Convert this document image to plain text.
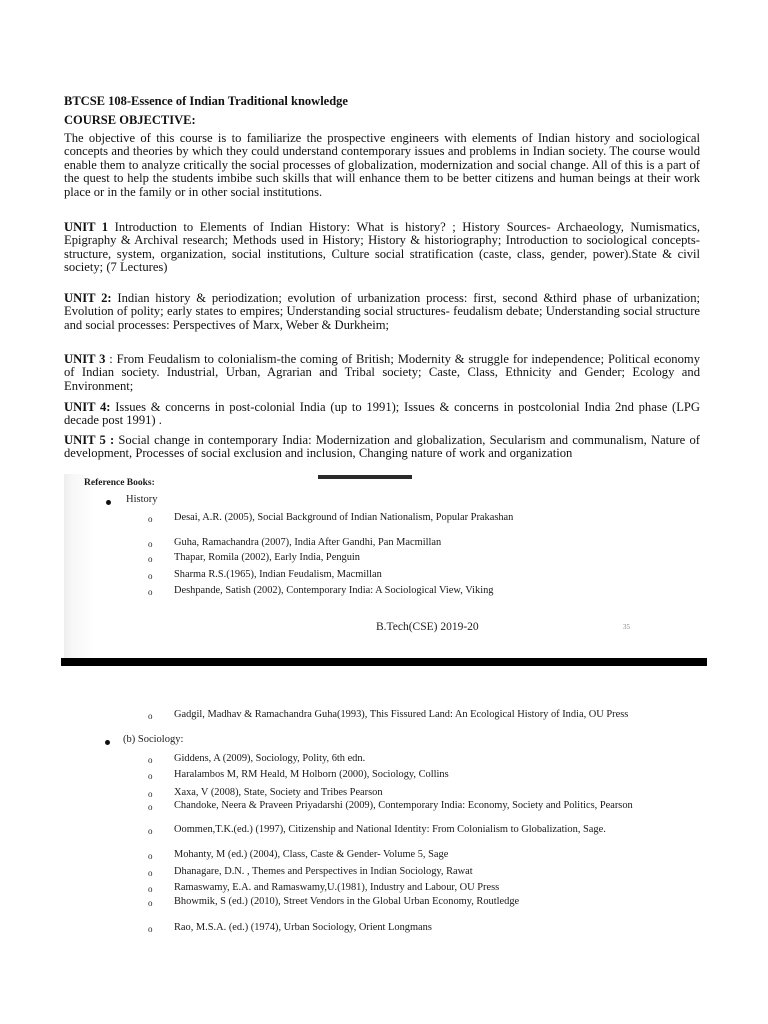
BTCSE 108-Essence of Indian Traditional knowledge
COURSE OBJECTIVE:
The objective of this course is to familiarize the prospective engineers with elements of Indian history and sociological concepts and theories by which they could understand contemporary issues and problems in Indian society. The course would enable them to analyze critically the social processes of globalization, modernization and social change. All of this is a part of the quest to help the students imbibe such skills that will enhance them to be better citizens and human beings at their work place or in the family or in other social institutions.
UNIT 1 Introduction to Elements of Indian History: What is history? ; History Sources- Archaeology, Numismatics, Epigraphy & Archival research; Methods used in History; History & historiography; Introduction to sociological concepts-structure, system, organization, social institutions, Culture social stratification (caste, class, gender, power).State & civil society; (7 Lectures)
UNIT 2: Indian history & periodization; evolution of urbanization process: first, second &third phase of urbanization; Evolution of polity; early states to empires; Understanding social structures- feudalism debate; Understanding social structure and social processes: Perspectives of Marx, Weber & Durkheim;
UNIT 3 : From Feudalism to colonialism-the coming of British; Modernity & struggle for independence; Political economy of Indian society. Industrial, Urban, Agrarian and Tribal society; Caste, Class, Ethnicity and Gender; Ecology and Environment;
UNIT 4: Issues & concerns in post-colonial India (up to 1991); Issues & concerns in postcolonial India 2nd phase (LPG decade post 1991) .
UNIT 5 : Social change in contemporary India: Modernization and globalization, Secularism and communalism, Nature of development, Processes of social exclusion and inclusion, Changing nature of work and organization
Reference Books:
History
o Desai, A.R. (2005), Social Background of Indian Nationalism, Popular Prakashan
o Guha, Ramachandra (2007), India After Gandhi, Pan Macmillan
o Thapar, Romila (2002), Early India, Penguin
o Sharma R.S.(1965), Indian Feudalism, Macmillan
o Deshpande, Satish (2002), Contemporary India: A Sociological View, Viking
B.Tech(CSE) 2019-20	35
o Gadgil, Madhav & Ramachandra Guha(1993), This Fissured Land: An Ecological History of India, OU Press
(b) Sociology:
o Giddens, A (2009), Sociology, Polity, 6th edn.
o Haralambos M, RM Heald, M Holborn (2000), Sociology, Collins
o Xaxa, V (2008), State, Society and Tribes Pearson
o Chandoke, Neera & Praveen Priyadarshi (2009), Contemporary India: Economy, Society and Politics, Pearson
o Oommen,T.K.(ed.) (1997), Citizenship and National Identity: From Colonialism to Globalization, Sage.
o Mohanty, M (ed.) (2004), Class, Caste & Gender- Volume 5, Sage
o Dhanagare, D.N. , Themes and Perspectives in Indian Sociology, Rawat
o Ramaswamy, E.A. and Ramaswamy,U.(1981), Industry and Labour, OU Press
o Bhowmik, S (ed.) (2010), Street Vendors in the Global Urban Economy, Routledge
o Rao, M.S.A. (ed.) (1974), Urban Sociology, Orient Longmans
